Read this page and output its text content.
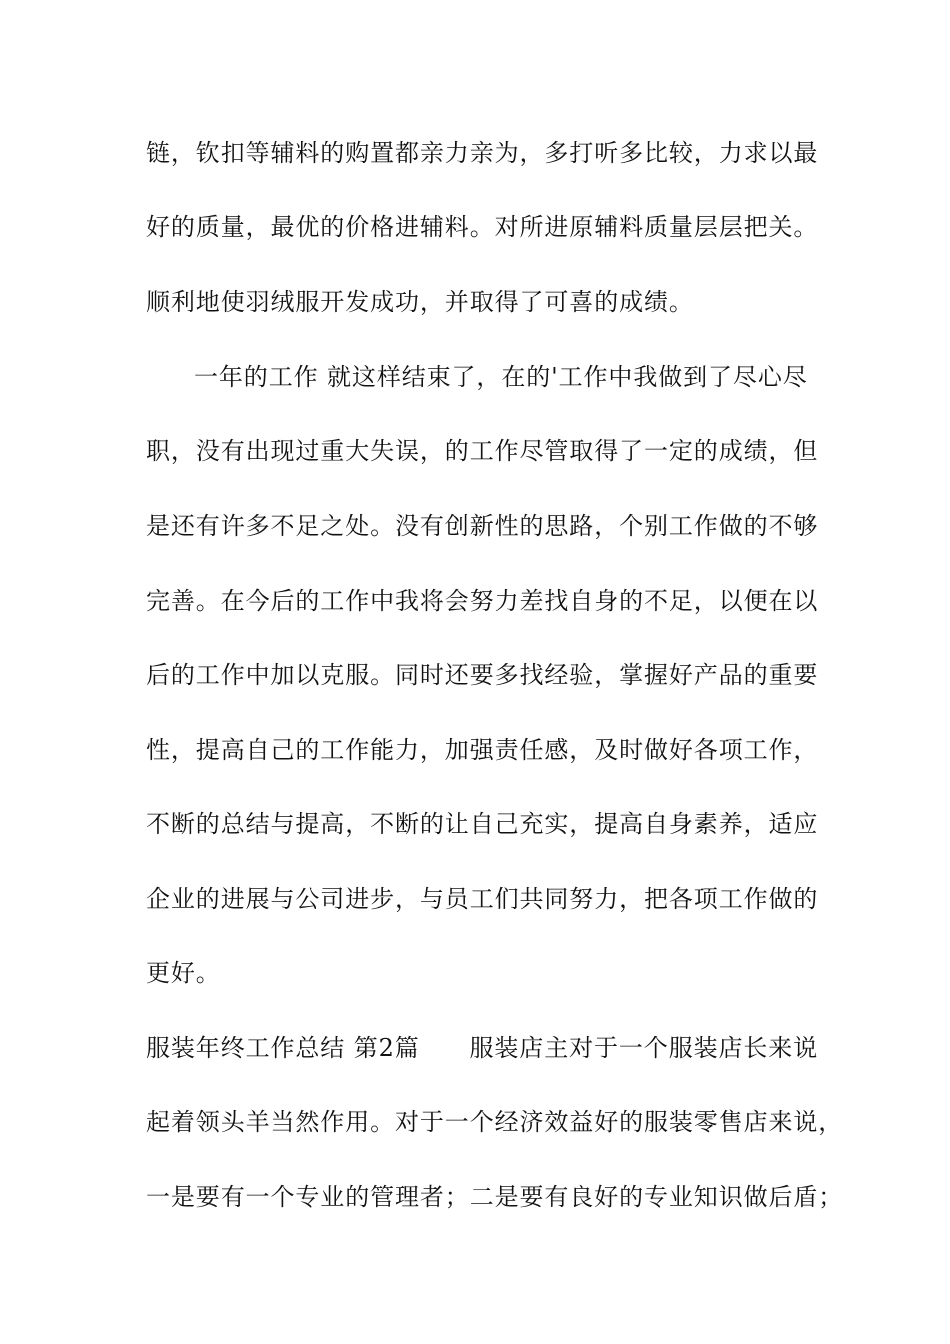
链，钦扣等辅料的购置都亲力亲为，多打听多比较，力求以最
好的质量，最优的价格进辅料。对所进原辅料质量层层把关。
顺利地使羽绒服开发成功，并取得了可喜的成绩。
一年的工作 就这样结束了，在的'工作中我做到了尽心尽
职，没有出现过重大失误，的工作尽管取得了一定的成绩，但
是还有许多不足之处。没有创新性的思路，个别工作做的不够
完善。在今后的工作中我将会努力差找自身的不足，以便在以
后的工作中加以克服。同时还要多找经验，掌握好产品的重要
性，提高自己的工作能力，加强责任感，及时做好各项工作，
不断的总结与提高，不断的让自己充实，提高自身素养，适应
企业的进展与公司进步，与员工们共同努力，把各项工作做的
更好。
服装年终工作总结 第2篇　　服装店主对于一个服装店长来说
起着领头羊当然作用。对于一个经济效益好的服装零售店来说，
一是要有一个专业的管理者；二是要有良好的专业知识做后盾；
